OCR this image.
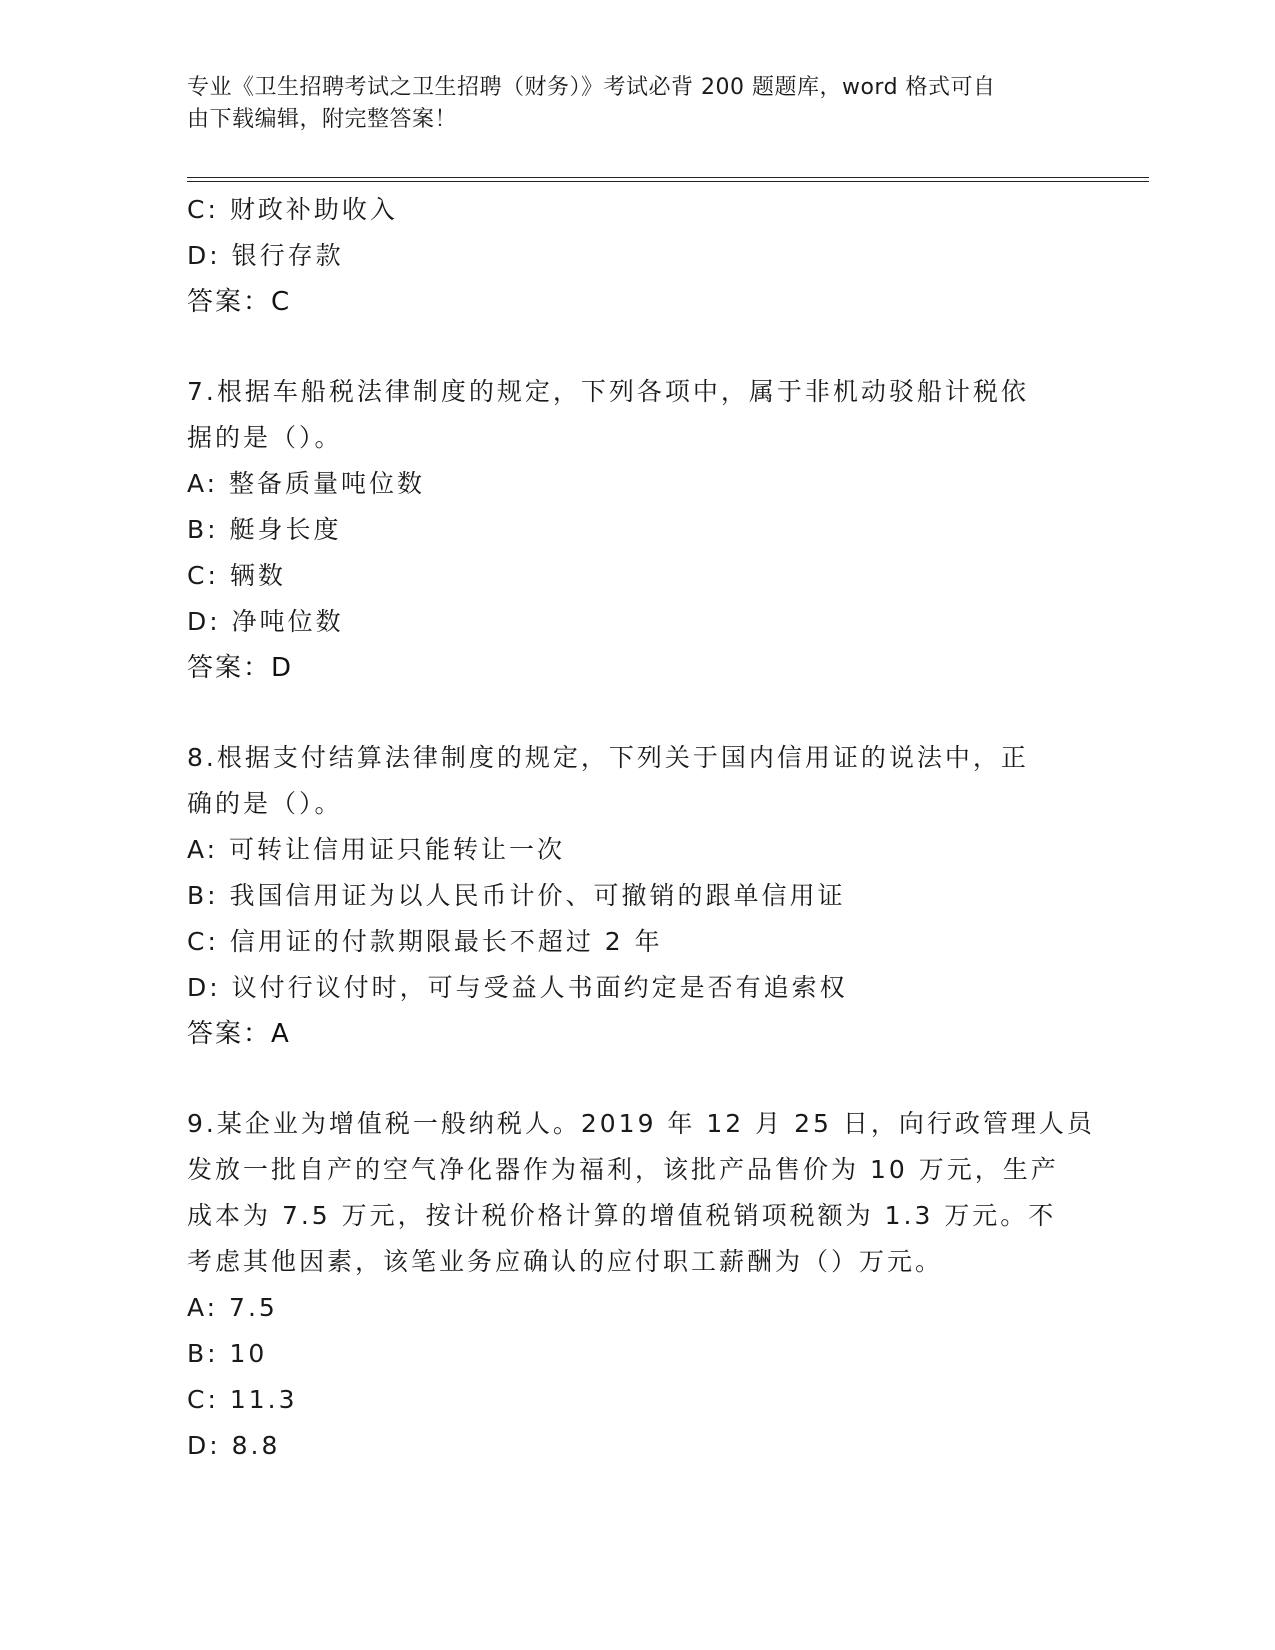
专业《卫生招聘考试之卫生招聘（财务）》考试必背 200 题题库，word 格式可自
由下载编辑，附完整答案！
C: 财政补助收入
D: 银行存款
答案：C
7.根据车船税法律制度的规定，下列各项中，属于非机动驳船计税依
据的是（）。
A: 整备质量吨位数
B: 艇身长度
C: 辆数
D: 净吨位数
答案：D
8.根据支付结算法律制度的规定，下列关于国内信用证的说法中，正
确的是（）。
A: 可转让信用证只能转让一次
B: 我国信用证为以人民币计价、可撤销的跟单信用证
C: 信用证的付款期限最长不超过 2 年
D: 议付行议付时，可与受益人书面约定是否有追索权
答案：A
9.某企业为增值税一般纳税人。2019 年 12 月 25 日，向行政管理人员
发放一批自产的空气净化器作为福利，该批产品售价为 10 万元，生产
成本为 7.5 万元，按计税价格计算的增值税销项税额为 1.3 万元。不
考虑其他因素，该笔业务应确认的应付职工薪酬为（）万元。
A: 7.5
B: 10
C: 11.3
D: 8.8
